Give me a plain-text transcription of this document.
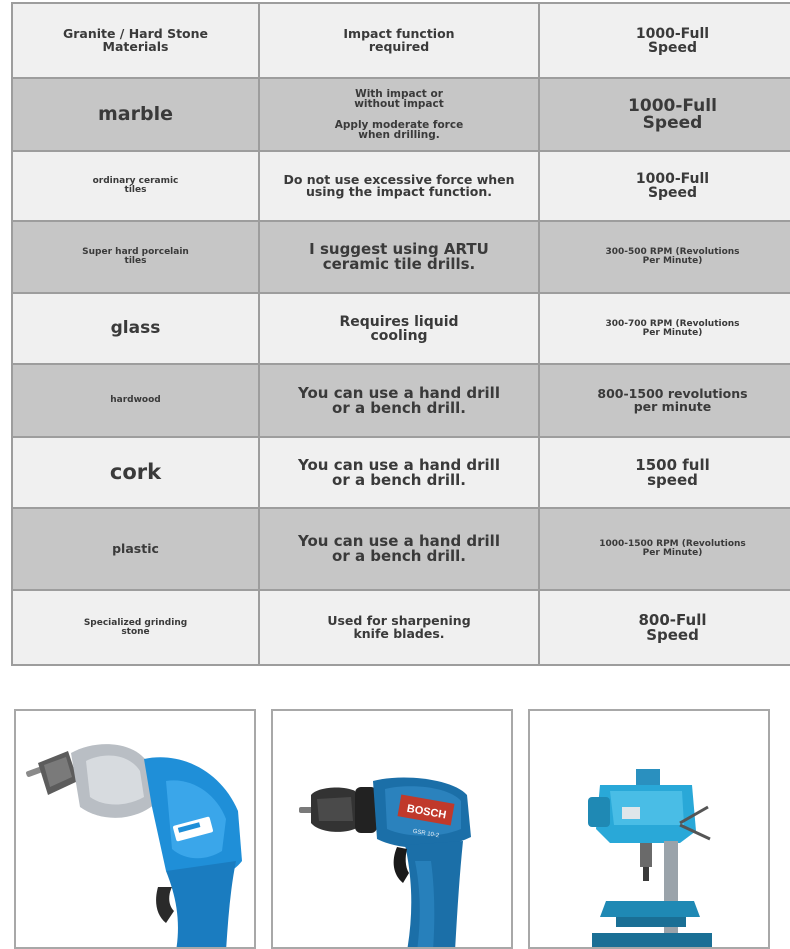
Granite / Hard Stone
Materials	Impact function
required	1000-Full
Speed

marble	With impact or
without impact
Apply moderate force
when drilling.	1000-Full
Speed

ordinary ceramic
tiles	Do not use excessive force when
using the impact function.	1000-Full
Speed

Super hard porcelain
tiles	I suggest using ARTU
ceramic tile drills.	300-500 RPM (Revolutions
Per Minute)

glass	Requires liquid
cooling	300-700 RPM (Revolutions
Per Minute)

hardwood	You can use a hand drill
or a bench drill.	800-1500 revolutions
per minute

cork	You can use a hand drill
or a bench drill.	1500 full
speed

plastic	You can use a hand drill
or a bench drill.	1000-1500 RPM (Revolutions
Per Minute)

Specialized grinding
stone	Used for sharpening
knife blades.	800-Full
Speed
BOSCH
GSR 10-2
